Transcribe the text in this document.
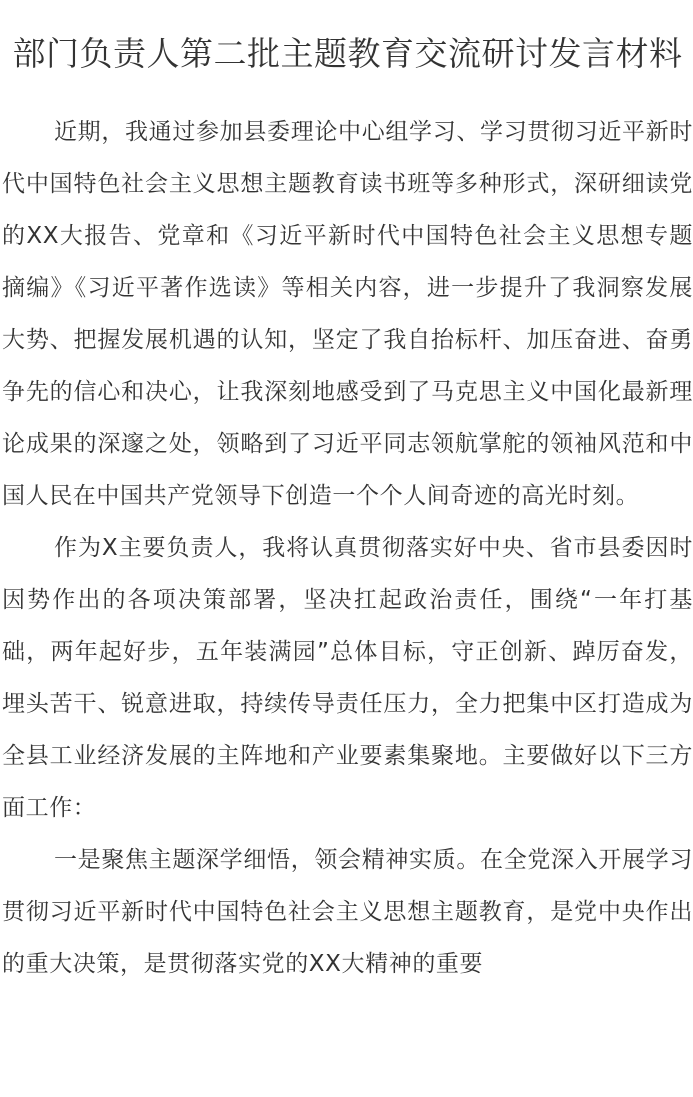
部门负责人第二批主题教育交流研讨发言材料

近期，我通过参加县委理论中心组学习、学习贯彻习近平新时代中国特色社会主义思想主题教育读书班等多种形式，深研细读党的XX大报告、党章和《习近平新时代中国特色社会主义思想专题摘编》《习近平著作选读》等相关内容，进一步提升了我洞察发展大势、把握发展机遇的认知，坚定了我自抬标杆、加压奋进、奋勇争先的信心和决心，让我深刻地感受到了马克思主义中国化最新理论成果的深邃之处，领略到了习近平同志领航掌舵的领袖风范和中国人民在中国共产党领导下创造一个个人间奇迹的高光时刻。

作为X主要负责人，我将认真贯彻落实好中央、省市县委因时因势作出的各项决策部署，坚决扛起政治责任，围绕“一年打基础，两年起好步，五年装满园”总体目标，守正创新、踔厉奋发，埋头苦干、锐意进取，持续传导责任压力，全力把集中区打造成为全县工业经济发展的主阵地和产业要素集聚地。主要做好以下三方面工作：

一是聚焦主题深学细悟，领会精神实质。在全党深入开展学习贯彻习近平新时代中国特色社会主义思想主题教育，是党中央作出的重大决策，是贯彻落实党的XX大精神的重要
